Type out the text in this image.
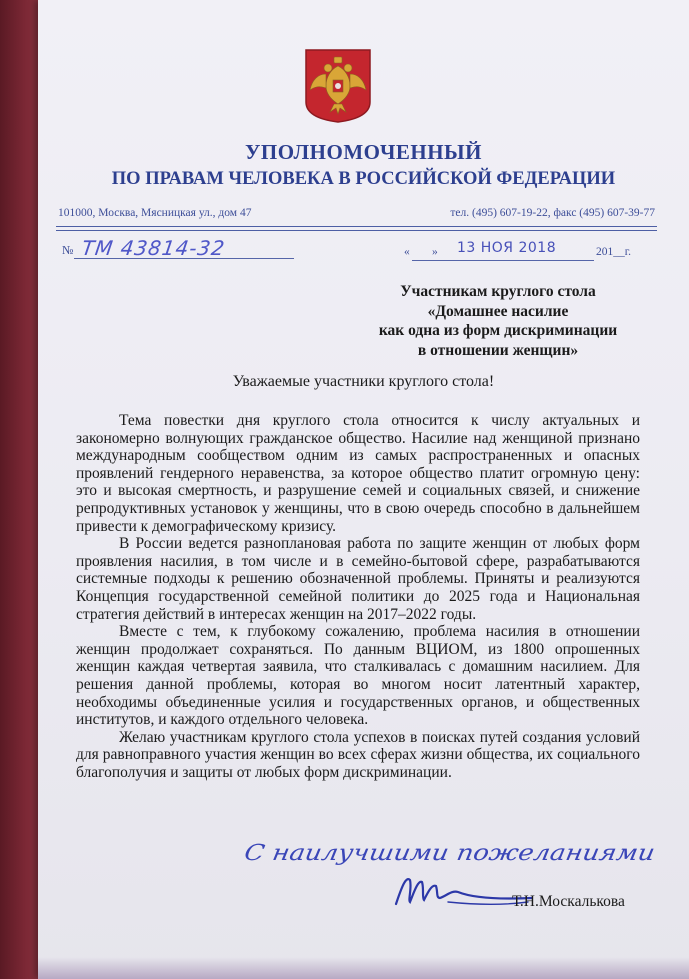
УПОЛНОМОЧЕННЫЙ
ПО ПРАВАМ ЧЕЛОВЕКА В РОССИЙСКОЙ ФЕДЕРАЦИИ
101000, Москва, Мясницкая ул., дом 47	тел. (495) 607-19-22, факс (495) 607-39-77
№ ТМ 43814-32	« » 13 НОЯ 2018	201__г.
Участникам круглого стола
«Домашнее насилие
как одна из форм дискриминации
в отношении женщин»
Уважаемые участники круглого стола!

Тема повестки дня круглого стола относится к числу актуальных и закономерно волнующих гражданское общество. Насилие над женщиной признано международным сообществом одним из самых распространенных и опасных проявлений гендерного неравенства, за которое общество платит огромную цену: это и высокая смертность, и разрушение семей и социальных связей, и снижение репродуктивных установок у женщины, что в свою очередь способно в дальнейшем привести к демографическому кризису.

В России ведется разноплановая работа по защите женщин от любых форм проявления насилия, в том числе и в семейно-бытовой сфере, разрабатываются системные подходы к решению обозначенной проблемы. Приняты и реализуются Концепция государственной семейной политики до 2025 года и Национальная стратегия действий в интересах женщин на 2017–2022 годы.

Вместе с тем, к глубокому сожалению, проблема насилия в отношении женщин продолжает сохраняться. По данным ВЦИОМ, из 1800 опрошенных женщин каждая четвертая заявила, что сталкивалась с домашним насилием. Для решения данной проблемы, которая во многом носит латентный характер, необходимы объединенные усилия и государственных органов, и общественных институтов, и каждого отдельного человека.

Желаю участникам круглого стола успехов в поисках путей создания условий для равноправного участия женщин во всех сферах жизни общества, их социального благополучия и защиты от любых форм дискриминации.

С наилучшими пожеланиями
Т.Н.Москалькова
